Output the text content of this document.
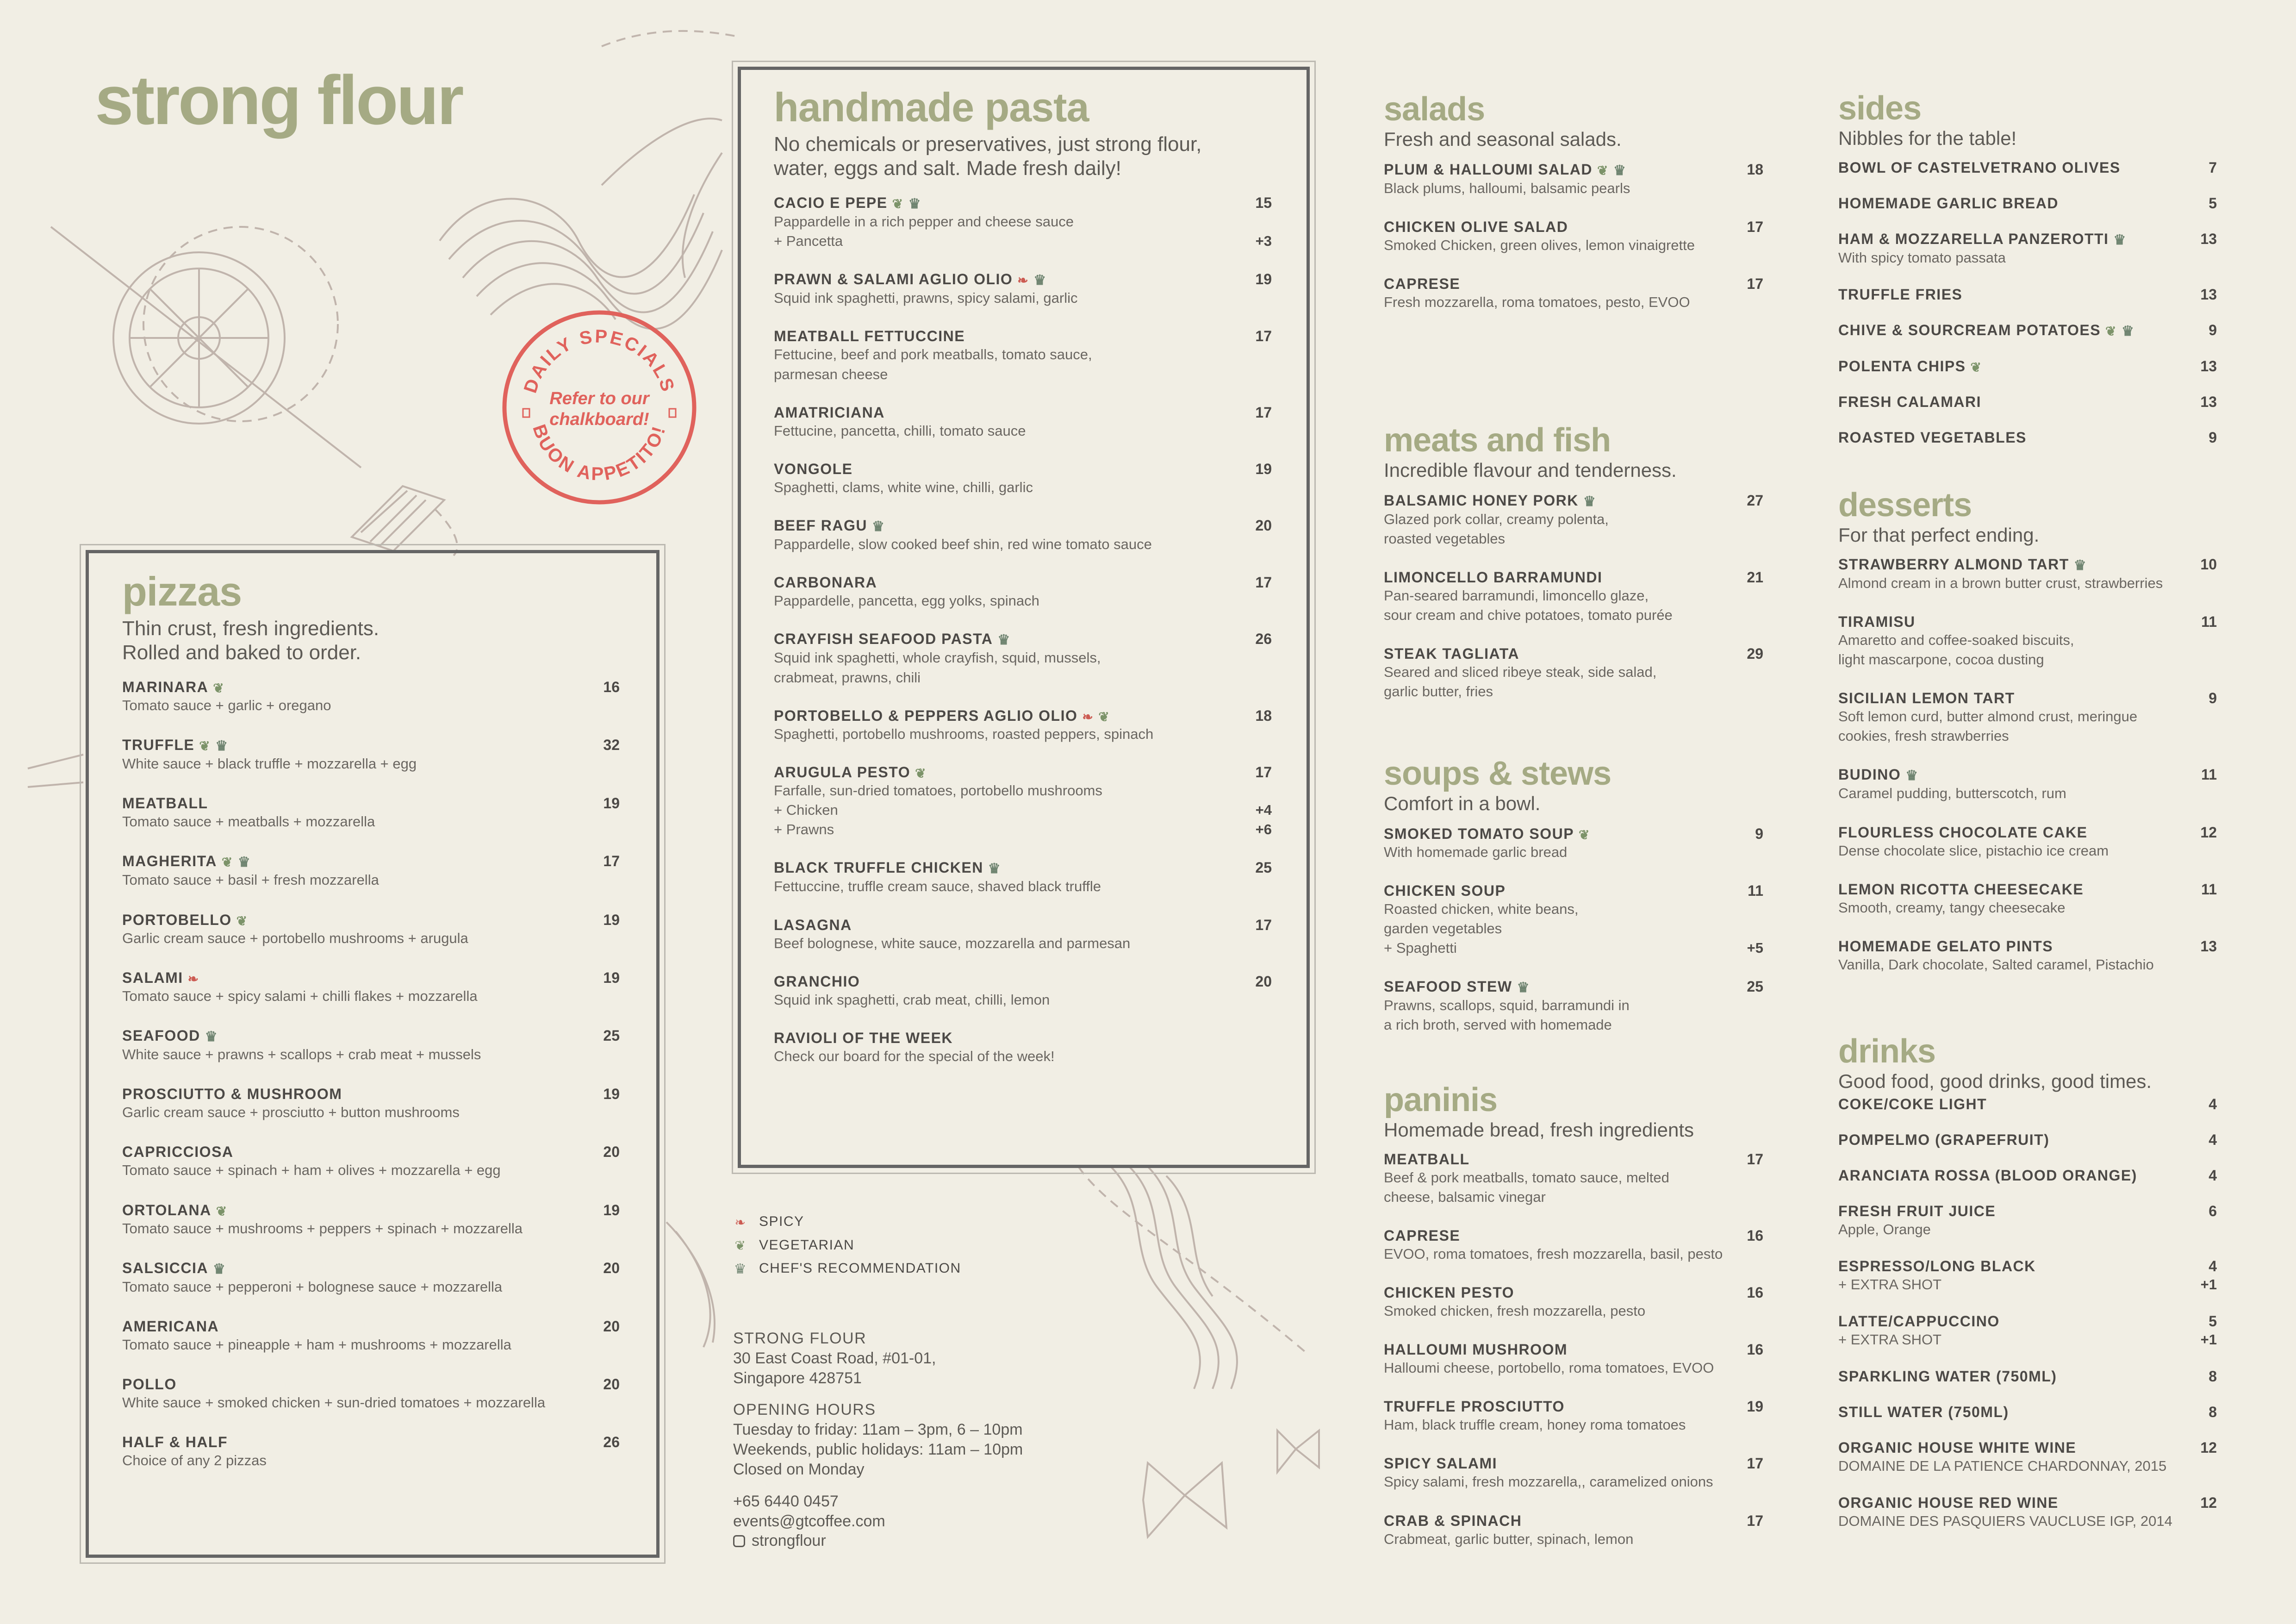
strong flour
DAILY SPECIALS
BUON APPETITO!
Refer to our
chalkboard!
pizzas
Thin crust, fresh ingredients.
Rolled and baked to order.
MARINARA ❦	16
Tomato sauce + garlic + oregano
TRUFFLE ❦ ♛	32
White sauce + black truffle + mozzarella + egg
MEATBALL	19
Tomato sauce + meatballs + mozzarella
MAGHERITA ❦ ♛	17
Tomato sauce + basil + fresh mozzarella
PORTOBELLO ❦	19
Garlic cream sauce + portobello mushrooms + arugula
SALAMI ❧	19
Tomato sauce + spicy salami + chilli flakes + mozzarella
SEAFOOD ♛	25
White sauce + prawns + scallops + crab meat + mussels
PROSCIUTTO & MUSHROOM	19
Garlic cream sauce + prosciutto + button mushrooms
CAPRICCIOSA	20
Tomato sauce + spinach + ham + olives + mozzarella + egg
ORTOLANA ❦	19
Tomato sauce + mushrooms + peppers + spinach + mozzarella
SALSICCIA ♛	20
Tomato sauce + pepperoni + bolognese sauce + mozzarella
AMERICANA	20
Tomato sauce + pineapple + ham + mushrooms + mozzarella
POLLO	20
White sauce + smoked chicken + sun-dried tomatoes + mozzarella
HALF & HALF	26
Choice of any 2 pizzas
handmade pasta
No chemicals or preservatives, just strong flour,
water, eggs and salt. Made fresh daily!
CACIO E PEPE ❦ ♛	15
Pappardelle in a rich pepper and cheese sauce
+ Pancetta	+3
PRAWN & SALAMI AGLIO OLIO ❧ ♛	19
Squid ink spaghetti, prawns, spicy salami, garlic
MEATBALL FETTUCCINE	17
Fettucine, beef and pork meatballs, tomato sauce,
parmesan cheese
AMATRICIANA	17
Fettucine, pancetta, chilli, tomato sauce
VONGOLE	19
Spaghetti, clams, white wine, chilli, garlic
BEEF RAGU ♛	20
Pappardelle, slow cooked beef shin, red wine tomato sauce
CARBONARA	17
Pappardelle, pancetta, egg yolks, spinach
CRAYFISH SEAFOOD PASTA ♛	26
Squid ink spaghetti, whole crayfish, squid, mussels,
crabmeat, prawns, chili
PORTOBELLO & PEPPERS AGLIO OLIO ❧ ❦	18
Spaghetti, portobello mushrooms, roasted peppers, spinach
ARUGULA PESTO ❦	17
Farfalle, sun-dried tomatoes, portobello mushrooms
+ Chicken	+4
+ Prawns	+6
BLACK TRUFFLE CHICKEN ♛	25
Fettuccine, truffle cream sauce, shaved black truffle
LASAGNA	17
Beef bolognese, white sauce, mozzarella and parmesan
GRANCHIO	20
Squid ink spaghetti, crab meat, chilli, lemon
RAVIOLI OF THE WEEK
Check our board for the special of the week!
❧ SPICY
❦ VEGETARIAN
♛ CHEF'S RECOMMENDATION
STRONG FLOUR
30 East Coast Road, #01-01,
Singapore 428751
OPENING HOURS
Tuesday to friday: 11am – 3pm, 6 – 10pm
Weekends, public holidays: 11am – 10pm
Closed on Monday
+65 6440 0457
events@gtcoffee.com
strongflour
salads
Fresh and seasonal salads.
PLUM & HALLOUMI SALAD ❦ ♛	18
Black plums, halloumi, balsamic pearls
CHICKEN OLIVE SALAD	17
Smoked Chicken, green olives, lemon vinaigrette
CAPRESE	17
Fresh mozzarella, roma tomatoes, pesto, EVOO
meats and fish
Incredible flavour and tenderness.
BALSAMIC HONEY PORK ♛	27
Glazed pork collar, creamy polenta,
roasted vegetables
LIMONCELLO BARRAMUNDI	21
Pan-seared barramundi, limoncello glaze,
sour cream and chive potatoes, tomato purée
STEAK TAGLIATA	29
Seared and sliced ribeye steak, side salad,
garlic butter, fries
soups & stews
Comfort in a bowl.
SMOKED TOMATO SOUP ❦	9
With homemade garlic bread
CHICKEN SOUP	11
Roasted chicken, white beans,
garden vegetables
+ Spaghetti	+5
SEAFOOD STEW ♛	25
Prawns, scallops, squid, barramundi in
a rich broth, served with homemade
paninis
Homemade bread, fresh ingredients
MEATBALL	17
Beef & pork meatballs, tomato sauce, melted
cheese, balsamic vinegar
CAPRESE	16
EVOO, roma tomatoes, fresh mozzarella, basil, pesto
CHICKEN PESTO	16
Smoked chicken, fresh mozzarella, pesto
HALLOUMI MUSHROOM	16
Halloumi cheese, portobello, roma tomatoes, EVOO
TRUFFLE PROSCIUTTO	19
Ham, black truffle cream, honey roma tomatoes
SPICY SALAMI	17
Spicy salami, fresh mozzarella,, caramelized onions
CRAB & SPINACH	17
Crabmeat, garlic butter, spinach, lemon
sides
Nibbles for the table!
BOWL OF CASTELVETRANO OLIVES	7
HOMEMADE GARLIC BREAD	5
HAM & MOZZARELLA PANZEROTTI ♛	13
With spicy tomato passata
TRUFFLE FRIES	13
CHIVE & SOURCREAM POTATOES ❦ ♛	9
POLENTA CHIPS ❦	13
FRESH CALAMARI	13
ROASTED VEGETABLES	9
desserts
For that perfect ending.
STRAWBERRY ALMOND TART ♛	10
Almond cream in a brown butter crust, strawberries
TIRAMISU	11
Amaretto and coffee-soaked biscuits,
light mascarpone, cocoa dusting
SICILIAN LEMON TART	9
Soft lemon curd, butter almond crust, meringue
cookies, fresh strawberries
BUDINO ♛	11
Caramel pudding, butterscotch, rum
FLOURLESS CHOCOLATE CAKE	12
Dense chocolate slice, pistachio ice cream
LEMON RICOTTA CHEESECAKE	11
Smooth, creamy, tangy cheesecake
HOMEMADE GELATO PINTS	13
Vanilla, Dark chocolate, Salted caramel, Pistachio
drinks
Good food, good drinks, good times.
COKE/COKE LIGHT	4
POMPELMO (GRAPEFRUIT)	4
ARANCIATA ROSSA (BLOOD ORANGE)	4
FRESH FRUIT JUICE	6
Apple, Orange
ESPRESSO/LONG BLACK	4
+ EXTRA SHOT	+1
LATTE/CAPPUCCINO	5
+ EXTRA SHOT	+1
SPARKLING WATER (750ML)	8
STILL WATER (750ML)	8
ORGANIC HOUSE WHITE WINE	12
DOMAINE DE LA PATIENCE CHARDONNAY, 2015
ORGANIC HOUSE RED WINE	12
DOMAINE DES PASQUIERS VAUCLUSE IGP, 2014
